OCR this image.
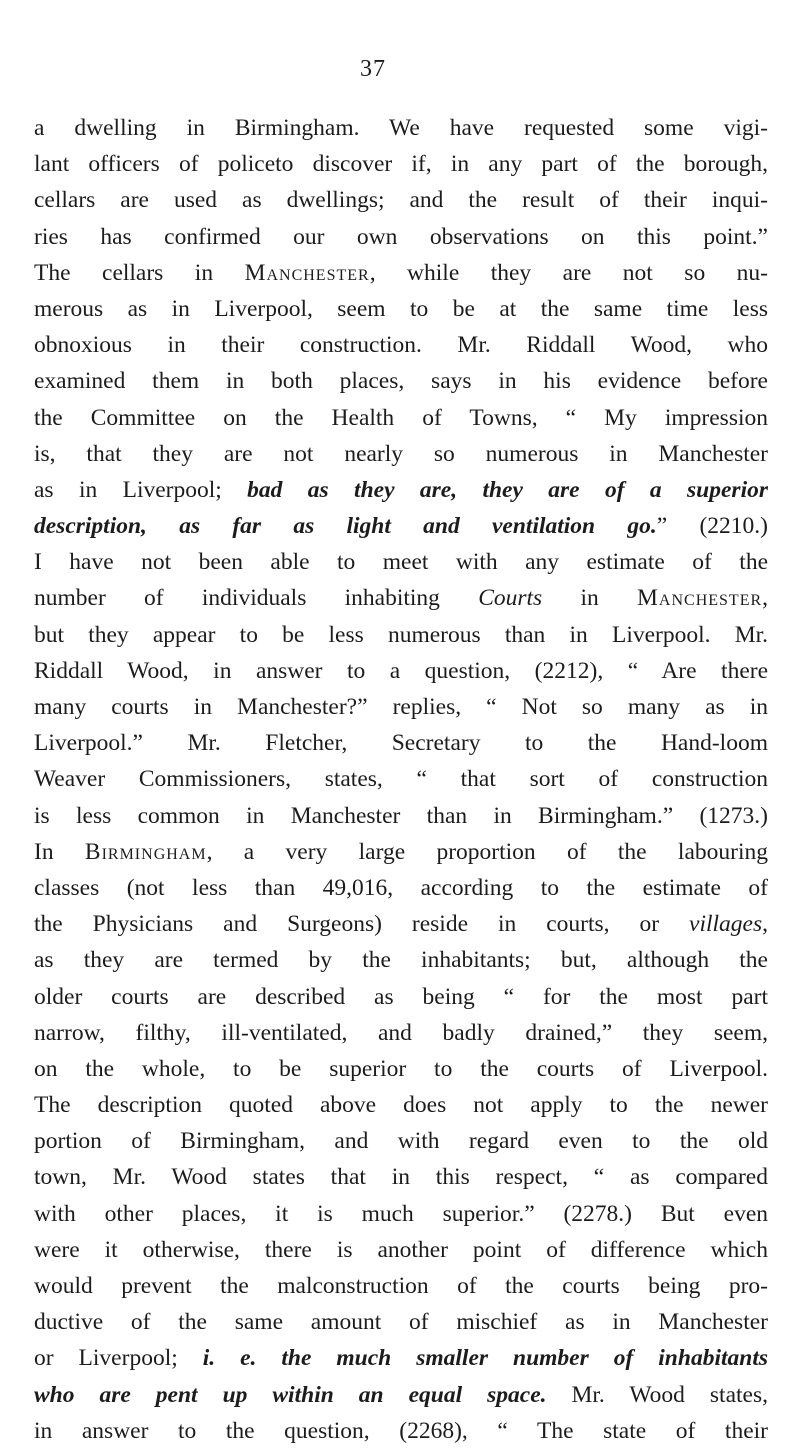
37
a dwelling in Birmingham. We have requested some vigi-
lant officers of policeto discover if, in any part of the borough,
cellars are used as dwellings; and the result of their inqui-
ries has confirmed our own observations on this point.”
The cellars in Manchester, while they are not so nu-
merous as in Liverpool, seem to be at the same time less
obnoxious in their construction. Mr. Riddall Wood, who
examined them in both places, says in his evidence before
the Committee on the Health of Towns, “ My impression
is, that they are not nearly so numerous in Manchester
as in Liverpool; bad as they are, they are of a superior
description, as far as light and ventilation go.” (2210.)
I have not been able to meet with any estimate of the
number of individuals inhabiting Courts in Manchester,
but they appear to be less numerous than in Liverpool. Mr.
Riddall Wood, in answer to a question, (2212), “ Are there
many courts in Manchester?” replies, “ Not so many as in
Liverpool.” Mr. Fletcher, Secretary to the Hand-loom
Weaver Commissioners, states, “ that sort of construction
is less common in Manchester than in Birmingham.” (1273.)
In Birmingham, a very large proportion of the labouring
classes (not less than 49,016, according to the estimate of
the Physicians and Surgeons) reside in courts, or villages,
as they are termed by the inhabitants; but, although the
older courts are described as being “ for the most part
narrow, filthy, ill-ventilated, and badly drained,” they seem,
on the whole, to be superior to the courts of Liverpool.
The description quoted above does not apply to the newer
portion of Birmingham, and with regard even to the old
town, Mr. Wood states that in this respect, “ as compared
with other places, it is much superior.” (2278.) But even
were it otherwise, there is another point of difference which
would prevent the malconstruction of the courts being pro-
ductive of the same amount of mischief as in Manchester
or Liverpool; i. e. the much smaller number of inhabitants
who are pent up within an equal space. Mr. Wood states,
in answer to the question, (2268), “ The state of their
